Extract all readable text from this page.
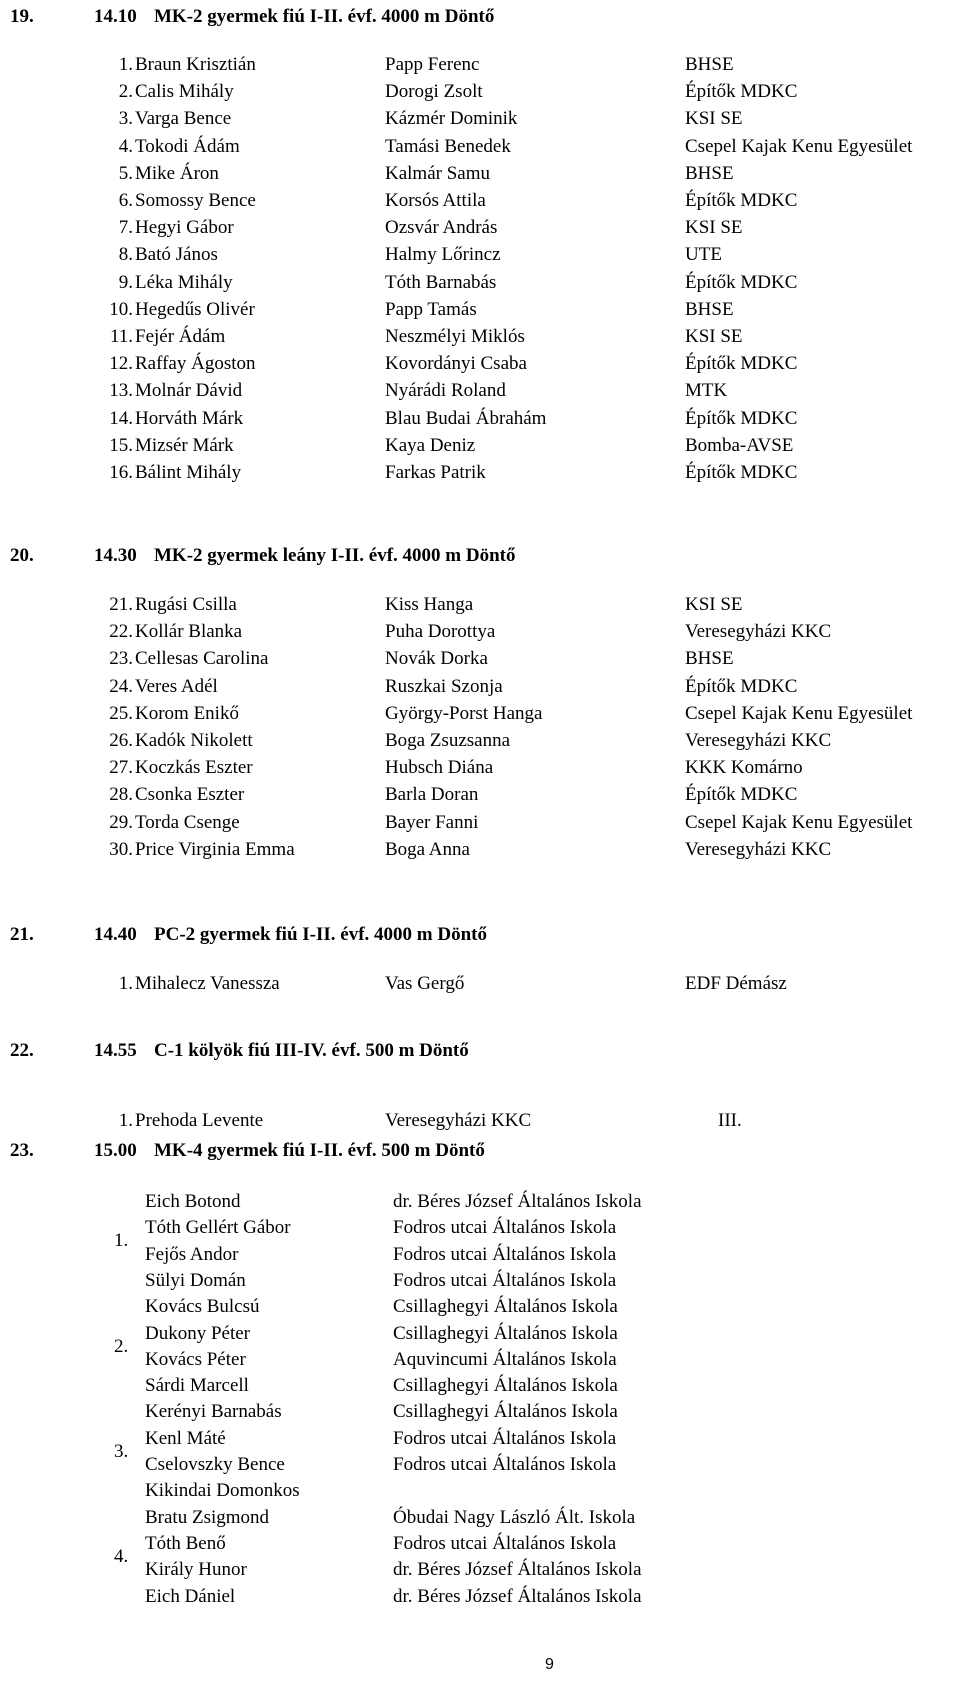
19.	14.10 MK-2 gyermek fiú I-II. évf. 4000 m Döntő
1. Braun Krisztián	Papp Ferenc	BHSE
2. Calis Mihály	Dorogi Zsolt	Építők MDKC
3. Varga Bence	Kázmér Dominik	KSI SE
4. Tokodi Ádám	Tamási Benedek	Csepel Kajak Kenu Egyesület
5. Mike Áron	Kalmár Samu	BHSE
6. Somossy Bence	Korsós Attila	Építők MDKC
7. Hegyi Gábor	Ozsvár András	KSI SE
8. Bató János	Halmy Lőrincz	UTE
9. Léka Mihály	Tóth Barnabás	Építők MDKC
10. Hegedűs Olivér	Papp Tamás	BHSE
11. Fejér Ádám	Neszmélyi Miklós	KSI SE
12. Raffay Ágoston	Kovordányi Csaba	Építők MDKC
13. Molnár Dávid	Nyárádi Roland	MTK
14. Horváth Márk	Blau Budai Ábrahám	Építők MDKC
15. Mizsér Márk	Kaya Deniz	Bomba-AVSE
16. Bálint Mihály	Farkas Patrik	Építők MDKC
20.	14.30 MK-2 gyermek leány I-II. évf. 4000 m Döntő
21. Rugási Csilla	Kiss Hanga	KSI SE
22. Kollár Blanka	Puha Dorottya	Veresegyházi KKC
23. Cellesas Carolina	Novák Dorka	BHSE
24. Veres Adél	Ruszkai Szonja	Építők MDKC
25. Korom Enikő	György-Porst Hanga	Csepel Kajak Kenu Egyesület
26. Kadók Nikolett	Boga Zsuzsanna	Veresegyházi KKC
27. Koczkás Eszter	Hubsch Diána	KKK Komárno
28. Csonka Eszter	Barla Doran	Építők MDKC
29. Torda Csenge	Bayer Fanni	Csepel Kajak Kenu Egyesület
30. Price Virginia Emma	Boga Anna	Veresegyházi KKC
21.	14.40 PC-2 gyermek fiú I-II. évf. 4000 m Döntő
1. Mihalecz Vanessza	Vas Gergő	EDF Démász
22.	14.55 C-1 kölyök fiú III-IV. évf. 500 m Döntő
1. Prehoda Levente	Veresegyházi KKC	III.
23.	15.00 MK-4 gyermek fiú I-II. évf. 500 m Döntő
Eich Botond	dr. Béres József Általános Iskola
Tóth Gellért Gábor	Fodros utcai Általános Iskola
Fejős Andor	Fodros utcai Általános Iskola
Sülyi Domán	Fodros utcai Általános Iskola
1.
Kovács Bulcsú	Csillaghegyi Általános Iskola
Dukony Péter	Csillaghegyi Általános Iskola
Kovács Péter	Aquvincumi Általános Iskola
Sárdi Marcell	Csillaghegyi Általános Iskola
2.
Kerényi Barnabás	Csillaghegyi Általános Iskola
Kenl Máté	Fodros utcai Általános Iskola
Cselovszky Bence	Fodros utcai Általános Iskola
Kikindai Domonkos
3.
Bratu Zsigmond	Óbudai Nagy László Ált. Iskola
Tóth Benő	Fodros utcai Általános Iskola
Király Hunor	dr. Béres József Általános Iskola
Eich Dániel	dr. Béres József Általános Iskola
4.
9
